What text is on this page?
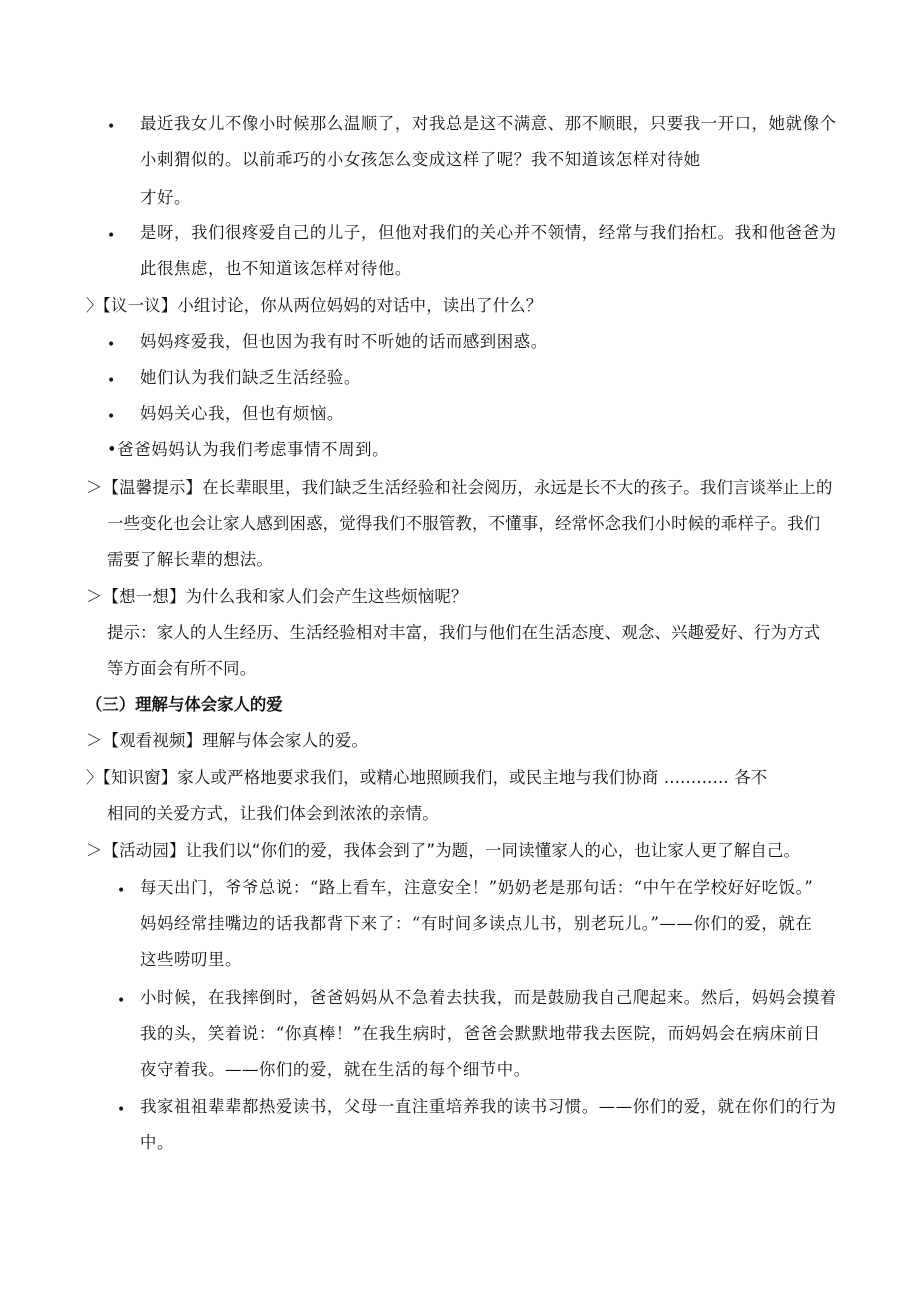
• 最近我女儿不像小时候那么温顺了，对我总是这不满意、那不顺眼，只要我一开口，她就像个
小刺猬似的。以前乖巧的小女孩怎么变成这样了呢？我不知道该怎样对待她
才好。
• 是呀，我们很疼爱自己的儿子，但他对我们的关心并不领情，经常与我们抬杠。我和他爸爸为
此很焦虑，也不知道该怎样对待他。
〉【议一议】小组讨论，你从两位妈妈的对话中，读出了什么？
• 妈妈疼爱我，但也因为我有时不听她的话而感到困惑。
• 她们认为我们缺乏生活经验。
• 妈妈关心我，但也有烦恼。
•爸爸妈妈认为我们考虑事情不周到。
＞【温馨提示】在长辈眼里，我们缺乏生活经验和社会阅历，永远是长不大的孩子。我们言谈举止上的
一些变化也会让家人感到困惑，觉得我们不服管教，不懂事，经常怀念我们小时候的乖样子。我们
需要了解长辈的想法。
＞【想一想】为什么我和家人们会产生这些烦恼呢？
提示：家人的人生经历、生活经验相对丰富，我们与他们在生活态度、观念、兴趣爱好、行为方式
等方面会有所不同。
（三）理解与体会家人的爱
＞【观看视频】理解与体会家人的爱。
〉【知识窗】家人或严格地要求我们，或精心地照顾我们，或民主地与我们协商 ............ 各不
相同的关爱方式，让我们体会到浓浓的亲情。
＞【活动园】让我们以“你们的爱，我体会到了”为题，一同读懂家人的心，也让家人更了解自己。
• 每天出门，爷爷总说：“路上看车，注意安全！”奶奶老是那句话：“中午在学校好好吃饭。”
妈妈经常挂嘴边的话我都背下来了：“有时间多读点儿书，别老玩儿。”——你们的爱，就在
这些唠叨里。
• 小时候，在我摔倒时，爸爸妈妈从不急着去扶我，而是鼓励我自己爬起来。然后，妈妈会摸着
我的头，笑着说：“你真棒！”在我生病时，爸爸会默默地带我去医院，而妈妈会在病床前日
夜守着我。——你们的爱，就在生活的每个细节中。
• 我家祖祖辈辈都热爱读书，父母一直注重培养我的读书习惯。——你们的爱，就在你们的行为
中。
